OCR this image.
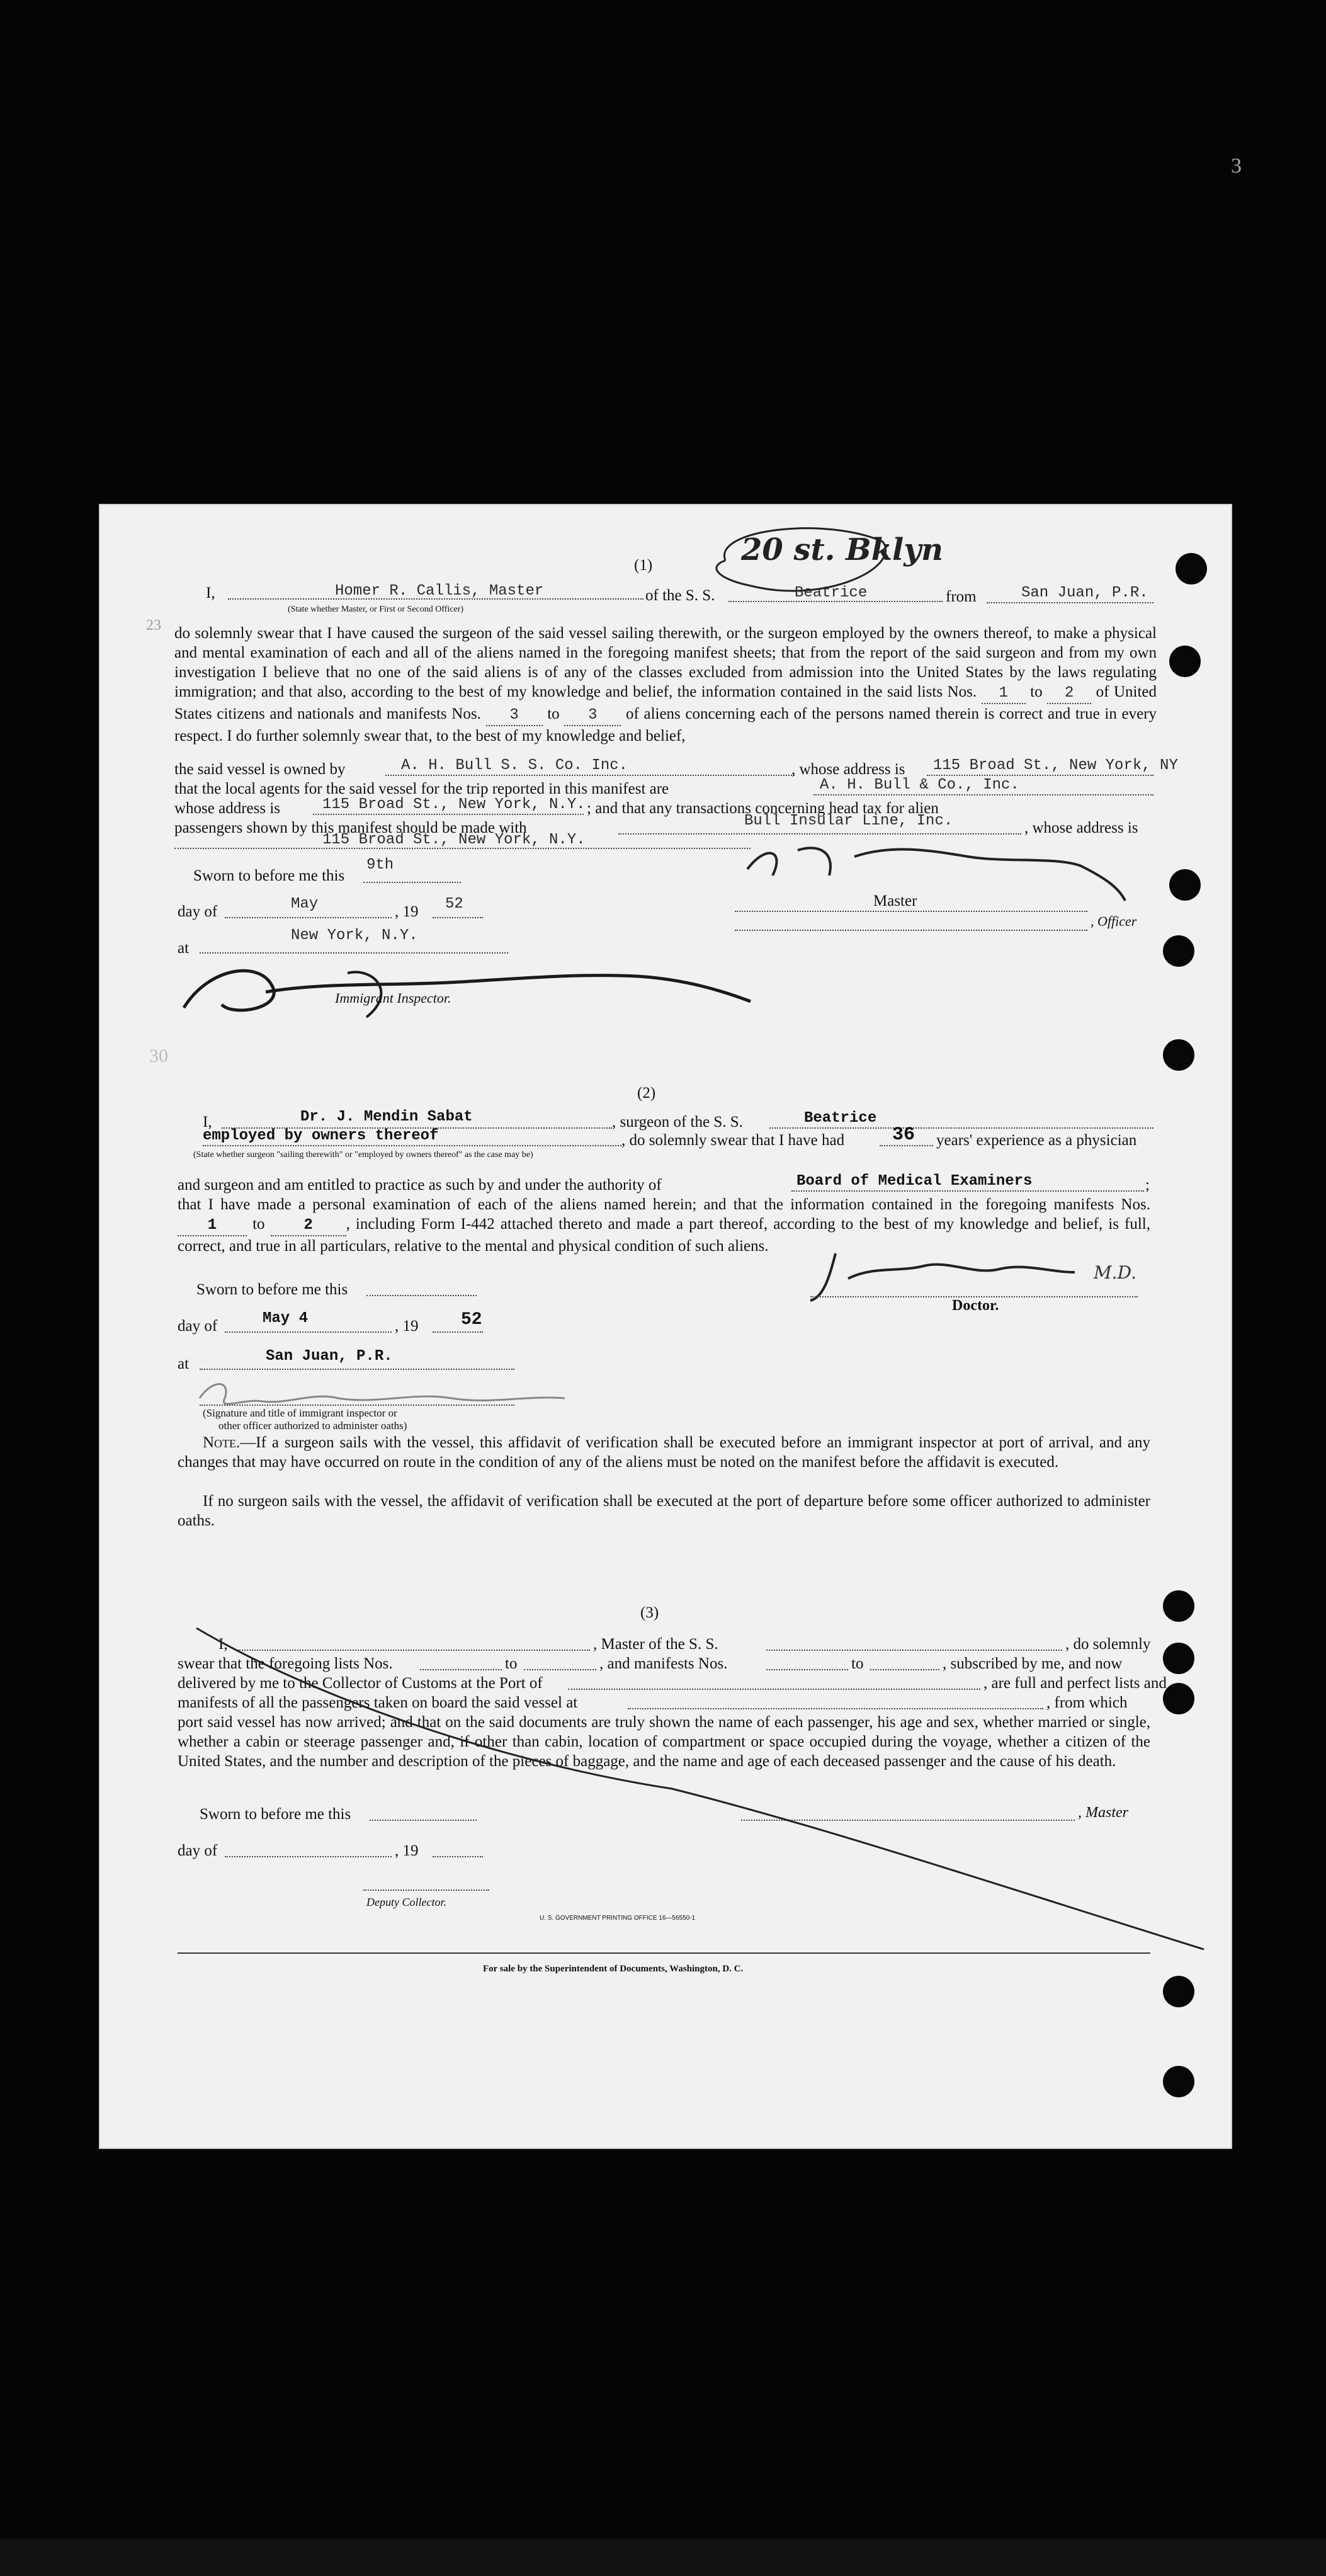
3
23
30
20 st. Bklyn
(1)
I,	Homer R. Callis, Master	of the S. S.	Beatrice	from	San Juan, P.R.
(State whether Master, or First or Second Officer)
do solemnly swear that I have caused the surgeon of the said vessel sailing therewith, or the surgeon employed by the owners thereof, to make a physical and mental examination of each and all of the aliens named in the foregoing manifest sheets; that from the report of the said surgeon and from my own investigation I believe that no one of the said aliens is of any of the classes excluded from admission into the United States by the laws regulating immigration; and that also, according to the best of my knowledge and belief, the information contained in the said lists Nos. 1 to 2 of United States citizens and nationals and manifests Nos. 3 to 3 of aliens concerning each of the persons named therein is correct and true in every respect. I do further solemnly swear that, to the best of my knowledge and belief,
the said vessel is owned by	A. H. Bull S. S. Co. Inc.	, whose address is 115 Broad St., New York, NY
that the local agents for the said vessel for the trip reported in this manifest are	A. H. Bull & Co., Inc.
whose address is	115 Broad St., New York, N.Y. ; and that any transactions concerning head tax for alien
passengers shown by this manifest should be made with	Bull Insular Line, Inc.	, whose address is
115 Broad St., New York, N.Y.
Sworn to before me this
9th
day of	May	, 19 52
at
New York, N.Y.
Immigrant Inspector.
Master
, Officer
(2)
I,	Dr. J. Mendin Sabat	, surgeon of the S. S.	Beatrice
employed by owners thereof	, do solemnly swear that I have had	36 years' experience as a physician
(State whether surgeon "sailing therewith" or "employed by owners thereof" as the case may be)
and surgeon and am entitled to practice as such by and under the authority of	Board of Medical Examiners	;
that I have made a personal examination of each of the aliens named herein; and that the information contained in the foregoing manifests Nos. 1 to	2 , including Form I-442 attached thereto and made a part thereof, according to the best of my knowledge and belief, is full, correct, and true in all particulars, relative to the mental and physical condition of such aliens.
Sworn to before me this
day of	May 4	, 19 52
at	San Juan, P.R.
(Signature and title of immigrant inspector or
other officer authorized to administer oaths)
M.D.
Doctor.
Note.—If a surgeon sails with the vessel, this affidavit of verification shall be executed before an immigrant inspector at port of arrival, and any changes that may have occurred on route in the condition of any of the aliens must be noted on the manifest before the affidavit is executed.
If no surgeon sails with the vessel, the affidavit of verification shall be executed at the port of departure before some officer authorized to administer oaths.
(3)
I,	, Master of the S. S.	, do solemnly
swear that the foregoing lists Nos.	to	, and manifests Nos.	to	, subscribed by me, and now
delivered by me to the Collector of Customs at the Port of	, are full and perfect lists and
manifests of all the passengers taken on board the said vessel at	, from which
port said vessel has now arrived; and that on the said documents are truly shown the name of each passenger, his age and sex, whether married or single, whether a cabin or steerage passenger and, if other than cabin, location of compartment or space occupied during the voyage, whether a citizen of the United States, and the number and description of the pieces of baggage, and the name and age of each deceased passenger and the cause of his death.
Sworn to before me this	, Master
day of	, 19
Deputy Collector.
U. S. GOVERNMENT PRINTING OFFICE 16—56550-1
For sale by the Superintendent of Documents, Washington, D. C.
